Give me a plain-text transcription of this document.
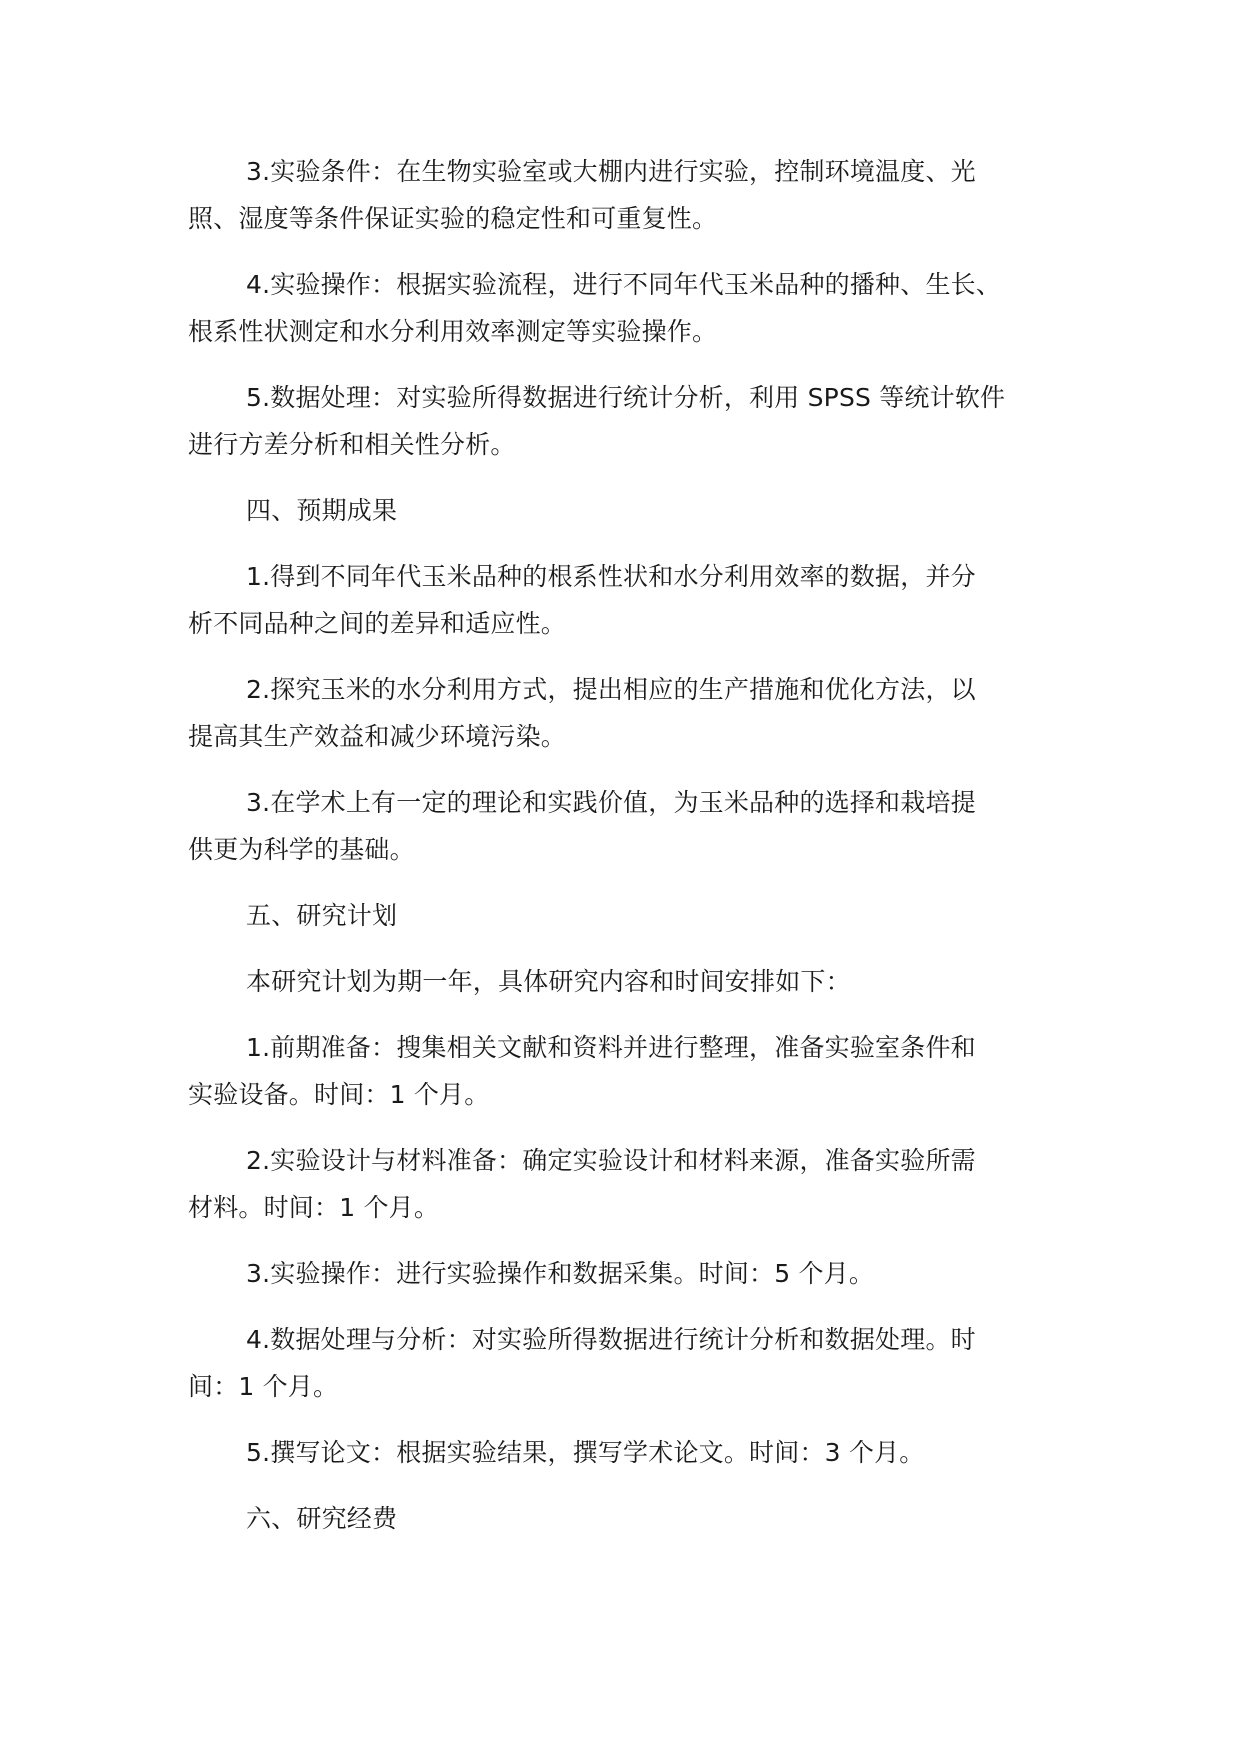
3.实验条件：在生物实验室或大棚内进行实验，控制环境温度、光
照、湿度等条件保证实验的稳定性和可重复性。

4.实验操作：根据实验流程，进行不同年代玉米品种的播种、生长、
根系性状测定和水分利用效率测定等实验操作。

5.数据处理：对实验所得数据进行统计分析，利用 SPSS 等统计软件
进行方差分析和相关性分析。

四、预期成果

1.得到不同年代玉米品种的根系性状和水分利用效率的数据，并分
析不同品种之间的差异和适应性。

2.探究玉米的水分利用方式，提出相应的生产措施和优化方法，以
提高其生产效益和减少环境污染。

3.在学术上有一定的理论和实践价值，为玉米品种的选择和栽培提
供更为科学的基础。

五、研究计划

本研究计划为期一年，具体研究内容和时间安排如下：

1.前期准备：搜集相关文献和资料并进行整理，准备实验室条件和
实验设备。时间：1 个月。

2.实验设计与材料准备：确定实验设计和材料来源，准备实验所需
材料。时间：1 个月。

3.实验操作：进行实验操作和数据采集。时间：5 个月。

4.数据处理与分析：对实验所得数据进行统计分析和数据处理。时
间：1 个月。

5.撰写论文：根据实验结果，撰写学术论文。时间：3 个月。

六、研究经费
